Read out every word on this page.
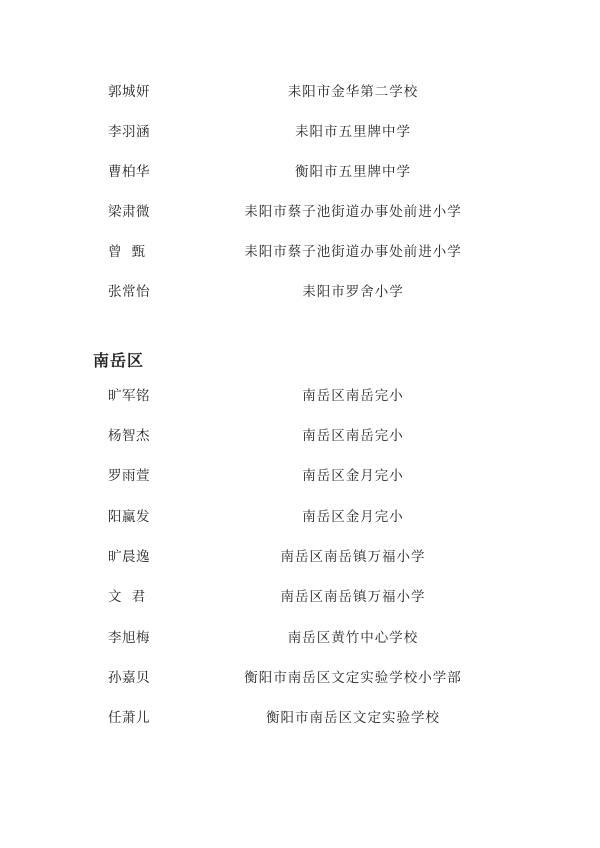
郭城妍	耒阳市金华第二学校
李羽涵	耒阳市五里牌中学
曹柏华	衡阳市五里牌中学
梁肃微	耒阳市蔡子池街道办事处前进小学
曾  甄	耒阳市蔡子池街道办事处前进小学
张常怡	耒阳市罗舍小学
南岳区
旷军铭	南岳区南岳完小
杨智杰	南岳区南岳完小
罗雨萱	南岳区金月完小
阳赢发	南岳区金月完小
旷晨逸	南岳区南岳镇万福小学
文  君	南岳区南岳镇万福小学
李旭梅	南岳区黄竹中心学校
孙嘉贝	衡阳市南岳区文定实验学校小学部
任萧儿	衡阳市南岳区文定实验学校
